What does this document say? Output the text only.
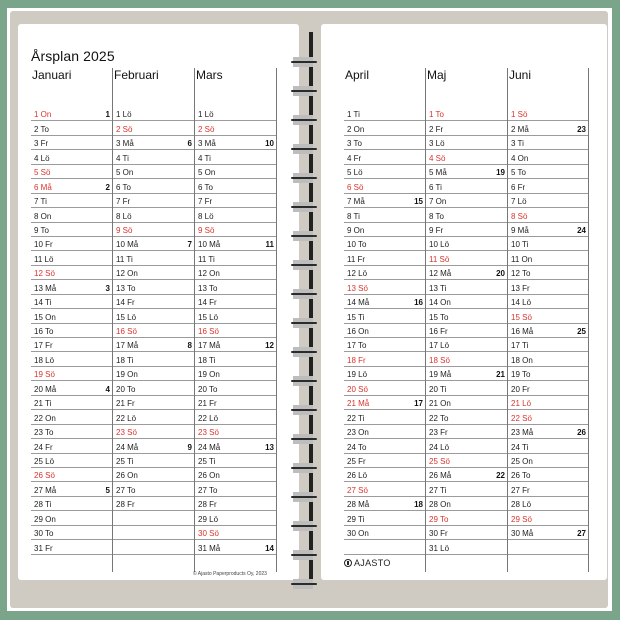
Årsplan 2025
Januari
1 On	1
2 To
3 Fr
4 Lö
5 Sö
6 Må	2
7 Ti
8 On
9 To
10 Fr
11 Lö
12 Sö
13 Må	3
14 Ti
15 On
16 To
17 Fr
18 Lö
19 Sö
20 Må	4
21 Ti
22 On
23 To
24 Fr
25 Lö
26 Sö
27 Må	5
28 Ti
29 On
30 To
31 Fr
Februari
1 Lö
2 Sö
3 Må	6
4 Ti
5 On
6 To
7 Fr
8 Lö
9 Sö
10 Må	7
11 Ti
12 On
13 To
14 Fr
15 Lö
16 Sö
17 Må	8
18 Ti
19 On
20 To
21 Fr
22 Lö
23 Sö
24 Må	9
25 Ti
26 On
27 To
28 Fr
Mars
1 Lö
2 Sö
3 Må	10
4 Ti
5 On
6 To
7 Fr
8 Lö
9 Sö
10 Må	11
11 Ti
12 On
13 To
14 Fr
15 Lö
16 Sö
17 Må	12
18 Ti
19 On
20 To
21 Fr
22 Lö
23 Sö
24 Må	13
25 Ti
26 On
27 To
28 Fr
29 Lö
30 Sö
31 Må	14
April
1 Ti
2 On
3 To
4 Fr
5 Lö
6 Sö
7 Må	15
8 Ti
9 On
10 To
11 Fr
12 Lö
13 Sö
14 Må	16
15 Ti
16 On
17 To
18 Fr
19 Lö
20 Sö
21 Må	17
22 Ti
23 On
24 To
25 Fr
26 Lö
27 Sö
28 Må	18
29 Ti
30 On
Maj
1 To
2 Fr
3 Lö
4 Sö
5 Må	19
6 Ti
7 On
8 To
9 Fr
10 Lö
11 Sö
12 Må	20
13 Ti
14 On
15 To
16 Fr
17 Lö
18 Sö
19 Må	21
20 Ti
21 On
22 To
23 Fr
24 Lö
25 Sö
26 Må	22
27 Ti
28 On
29 To
30 Fr
31 Lö
Juni
1 Sö
2 Må	23
3 Ti
4 On
5 To
6 Fr
7 Lö
8 Sö
9 Må	24
10 Ti
11 On
12 To
13 Fr
14 Lö
15 Sö
16 Må	25
17 Ti
18 On
19 To
20 Fr
21 Lö
22 Sö
23 Må	26
24 Ti
25 On
26 To
27 Fr
28 Lö
29 Sö
30 Må	27
© Ajasto Paperproducts Oy, 2023
AJASTO
